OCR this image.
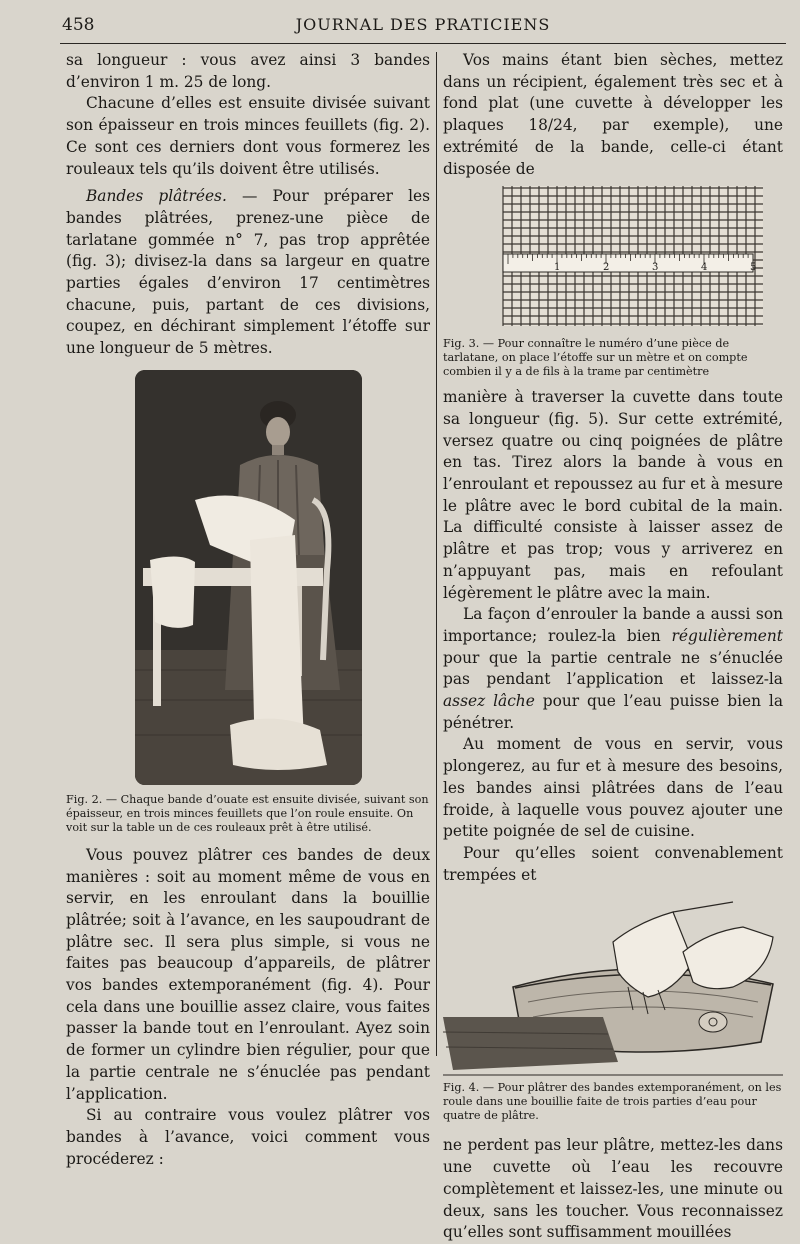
458	JOURNAL DES PRATICIENS

sa longueur : vous avez ainsi 3 bandes d’environ 1 m. 25 de long.

Chacune d’elles est ensuite divisée suivant son épaisseur en trois minces feuillets (fig. 2). Ce sont ces derniers dont vous formerez les rouleaux tels qu’ils doivent être utilisés.

Bandes plâtrées. — Pour préparer les bandes plâtrées, prenez-une pièce de tarlatane gommée n° 7, pas trop apprêtée (fig. 3); divisez-la dans sa largeur en quatre parties égales d’environ 17 centimètres chacune, puis, partant de ces divisions, coupez, en déchirant simplement l’étoffe sur une longueur de 5 mètres.

Fig. 2. — Chaque bande d’ouate est ensuite divisée, suivant son épaisseur, en trois minces feuillets que l’on roule ensuite. On voit sur la table un de ces rouleaux prêt à être utilisé.

Vous pouvez plâtrer ces bandes de deux manières : soit au moment même de vous en servir, en les enroulant dans la bouillie plâtrée; soit à l’avance, en les saupoudrant de plâtre sec. Il sera plus simple, si vous ne faites pas beaucoup d’appareils, de plâtrer vos bandes extemporanément (fig. 4). Pour cela dans une bouillie assez claire, vous faites passer la bande tout en l’enroulant. Ayez soin de former un cylindre bien régulier, pour que la partie centrale ne s’énuclée pas pendant l’application.

Si au contraire vous voulez plâtrer vos bandes à l’avance, voici comment vous procéderez :

Vos mains étant bien sèches, mettez dans un récipient, également très sec et à fond plat (une cuvette à développer les plaques 18/24, par exemple), une extrémité de la bande, celle-ci étant disposée de

1	2	3	4	5

Fig. 3. — Pour connaître le numéro d’une pièce de tarlatane, on place l’étoffe sur un mètre et on compte combien il y a de fils à la trame par centimètre

manière à traverser la cuvette dans toute sa longueur (fig. 5). Sur cette extrémité, versez quatre ou cinq poignées de plâtre en tas. Tirez alors la bande à vous en l’enroulant et repoussez au fur et à mesure le plâtre avec le bord cubital de la main. La difficulté consiste à laisser assez de plâtre et pas trop; vous y arriverez en n’appuyant pas, mais en refoulant légèrement le plâtre avec la main.

La façon d’enrouler la bande a aussi son importance; roulez-la bien régulièrement pour que la partie centrale ne s’énuclée pas pendant l’application et laissez-la assez lâche pour que l’eau puisse bien la pénétrer.

Au moment de vous en servir, vous plongerez, au fur et à mesure des besoins, les bandes ainsi plâtrées dans de l’eau froide, à laquelle vous pouvez ajouter une petite poignée de sel de cuisine.

Pour qu’elles soient convenablement trempées et

Fig. 4. — Pour plâtrer des bandes extemporanément, on les roule dans une bouillie faite de trois parties d’eau pour quatre de plâtre.

ne perdent pas leur plâtre, mettez-les dans une cuvette où l’eau les recouvre complètement et laissez-les, une minute ou deux, sans les toucher. Vous reconnaissez qu’elles sont suffisamment mouillées
